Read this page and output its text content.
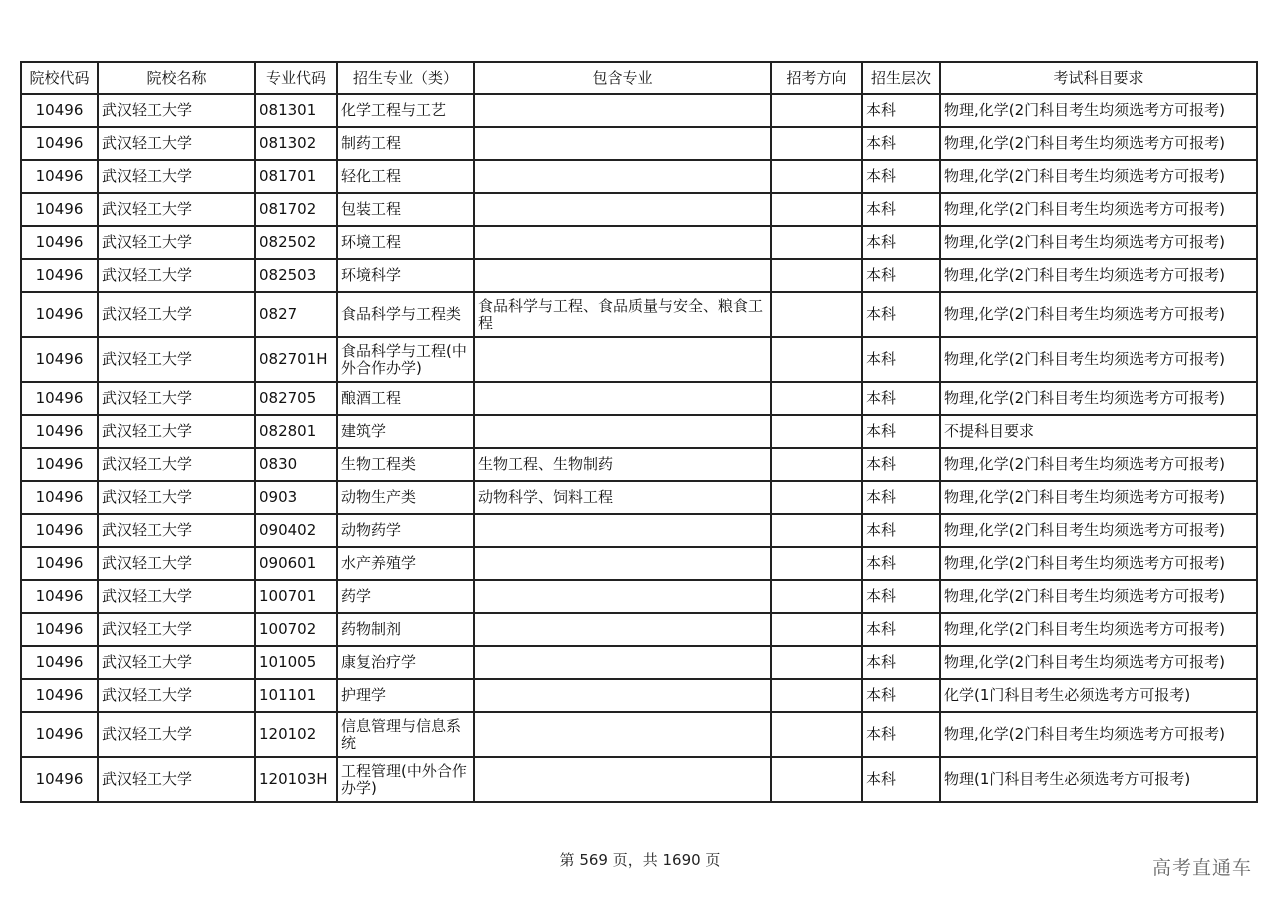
院校代码	院校名称	专业代码	招生专业（类）	包含专业	招考方向	招生层次	考试科目要求
10496	武汉轻工大学	081301	化学工程与工艺			本科	物理,化学(2门科目考生均须选考方可报考)
10496	武汉轻工大学	081302	制药工程			本科	物理,化学(2门科目考生均须选考方可报考)
10496	武汉轻工大学	081701	轻化工程			本科	物理,化学(2门科目考生均须选考方可报考)
10496	武汉轻工大学	081702	包装工程			本科	物理,化学(2门科目考生均须选考方可报考)
10496	武汉轻工大学	082502	环境工程			本科	物理,化学(2门科目考生均须选考方可报考)
10496	武汉轻工大学	082503	环境科学			本科	物理,化学(2门科目考生均须选考方可报考)
10496	武汉轻工大学	0827	食品科学与工程类	食品科学与工程、食品质量与安全、粮食工程		本科	物理,化学(2门科目考生均须选考方可报考)
10496	武汉轻工大学	082701H	食品科学与工程(中外合作办学)			本科	物理,化学(2门科目考生均须选考方可报考)
10496	武汉轻工大学	082705	酿酒工程			本科	物理,化学(2门科目考生均须选考方可报考)
10496	武汉轻工大学	082801	建筑学			本科	不提科目要求
10496	武汉轻工大学	0830	生物工程类	生物工程、生物制药		本科	物理,化学(2门科目考生均须选考方可报考)
10496	武汉轻工大学	0903	动物生产类	动物科学、饲料工程		本科	物理,化学(2门科目考生均须选考方可报考)
10496	武汉轻工大学	090402	动物药学			本科	物理,化学(2门科目考生均须选考方可报考)
10496	武汉轻工大学	090601	水产养殖学			本科	物理,化学(2门科目考生均须选考方可报考)
10496	武汉轻工大学	100701	药学			本科	物理,化学(2门科目考生均须选考方可报考)
10496	武汉轻工大学	100702	药物制剂			本科	物理,化学(2门科目考生均须选考方可报考)
10496	武汉轻工大学	101005	康复治疗学			本科	物理,化学(2门科目考生均须选考方可报考)
10496	武汉轻工大学	101101	护理学			本科	化学(1门科目考生必须选考方可报考)
10496	武汉轻工大学	120102	信息管理与信息系统			本科	物理,化学(2门科目考生均须选考方可报考)
10496	武汉轻工大学	120103H	工程管理(中外合作办学)			本科	物理(1门科目考生必须选考方可报考)
第 569 页，共 1690 页	高考直通车
